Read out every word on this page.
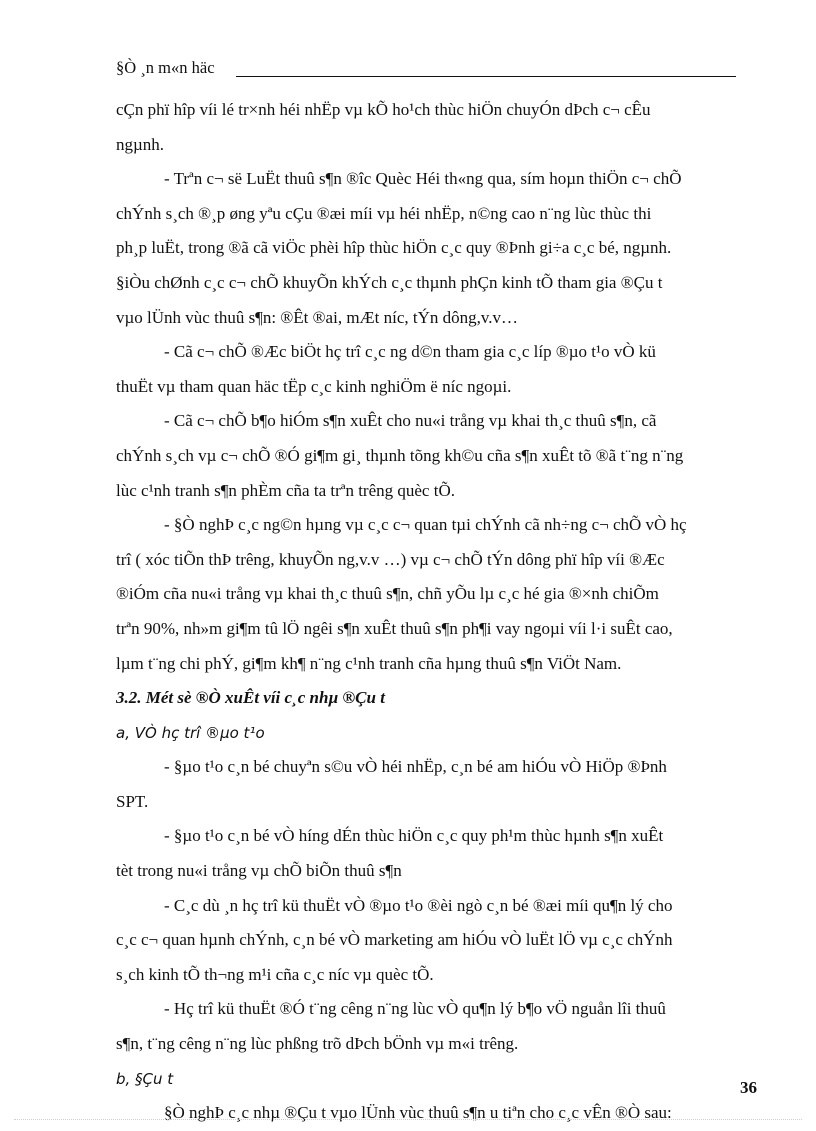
§Ò ¸n m«n häc

cÇn phï hîp víi lé tr×nh héi nhËp vµ kÕ ho¹ch thùc hiÖn chuyÓn dÞch c¬ cÊu

ngµnh.

- Trªn c¬ së LuËt thuû s¶n ®îc Quèc Héi th«ng qua, sím hoµn thiÖn c¬ chÕ

chÝnh s¸ch ®¸p øng yªu cÇu ®æi míi vµ héi nhËp, n©ng cao n¨ng lùc thùc thi

ph¸p luËt, trong ®ã cã viÖc phèi hîp thùc hiÖn c¸c quy ®Þnh gi÷a c¸c bé, ngµnh.

§iÒu chØnh c¸c c¬ chÕ khuyÕn khÝch c¸c thµnh phÇn kinh tÕ tham gia ®Çu t

vµo lÜnh vùc thuû s¶n: ®Êt ®ai, mÆt níc, tÝn dông,v.v…

- Cã c¬ chÕ ®Æc biÖt hç trî c¸c ng d©n tham gia c¸c líp ®µo t¹o vÒ kü

thuËt vµ tham quan häc tËp c¸c kinh nghiÖm ë níc ngoµi.

- Cã c¬ chÕ b¶o hiÓm s¶n xuÊt cho nu«i trång vµ khai th¸c thuû s¶n, cã

chÝnh s¸ch vµ c¬ chÕ ®Ó gi¶m gi¸ thµnh tõng kh©u cña s¶n xuÊt tõ ®ã t¨ng n¨ng

lùc c¹nh tranh s¶n phÈm cña ta trªn trêng quèc tÕ.

- §Ò nghÞ c¸c ng©n hµng vµ c¸c c¬ quan tµi chÝnh cã nh÷ng c¬ chÕ vÒ hç

trî ( xóc tiÕn thÞ trêng, khuyÕn ng,v.v …) vµ c¬ chÕ tÝn dông phï hîp víi ®Æc

®iÓm cña nu«i trång vµ khai th¸c thuû s¶n, chñ yÕu lµ c¸c hé gia ®×nh chiÕm

trªn 90%, nh»m gi¶m tû lÖ ngêi s¶n xuÊt thuû s¶n ph¶i vay ngoµi víi l·i suÊt cao,

lµm t¨ng chi phÝ, gi¶m kh¶ n¨ng c¹nh tranh cña hµng thuû s¶n ViÖt Nam.

3.2. Mét sè ®Ò xuÊt víi c¸c nhµ ®Çu t

a, VÒ hç trî ®µo t¹o

- §µo t¹o c¸n bé chuyªn s©u vÒ héi nhËp, c¸n bé am hiÓu vÒ HiÖp ®Þnh

SPT.

- §µo t¹o c¸n bé vÒ híng dÉn thùc hiÖn c¸c quy ph¹m thùc hµnh s¶n xuÊt

tèt trong nu«i trång vµ chÕ biÕn thuû s¶n

- C¸c dù ¸n hç trî kü thuËt vÒ ®µo t¹o ®èi ngò c¸n bé ®æi míi qu¶n lý cho

c¸c c¬ quan hµnh chÝnh, c¸n bé vÒ marketing am hiÓu vÒ luËt lÖ vµ c¸c chÝnh

s¸ch kinh tÕ th¬ng m¹i cña c¸c níc vµ quèc tÕ.

- Hç trî kü thuËt ®Ó t¨ng cêng n¨ng lùc vÒ qu¶n lý b¶o vÖ nguån lîi thuû

s¶n, t¨ng cêng n¨ng lùc phßng trõ dÞch bÖnh vµ m«i trêng.

b, §Çu t

§Ò nghÞ c¸c nhµ ®Çu t vµo lÜnh vùc thuû s¶n u tiªn cho c¸c vÊn ®Ò sau:

36
